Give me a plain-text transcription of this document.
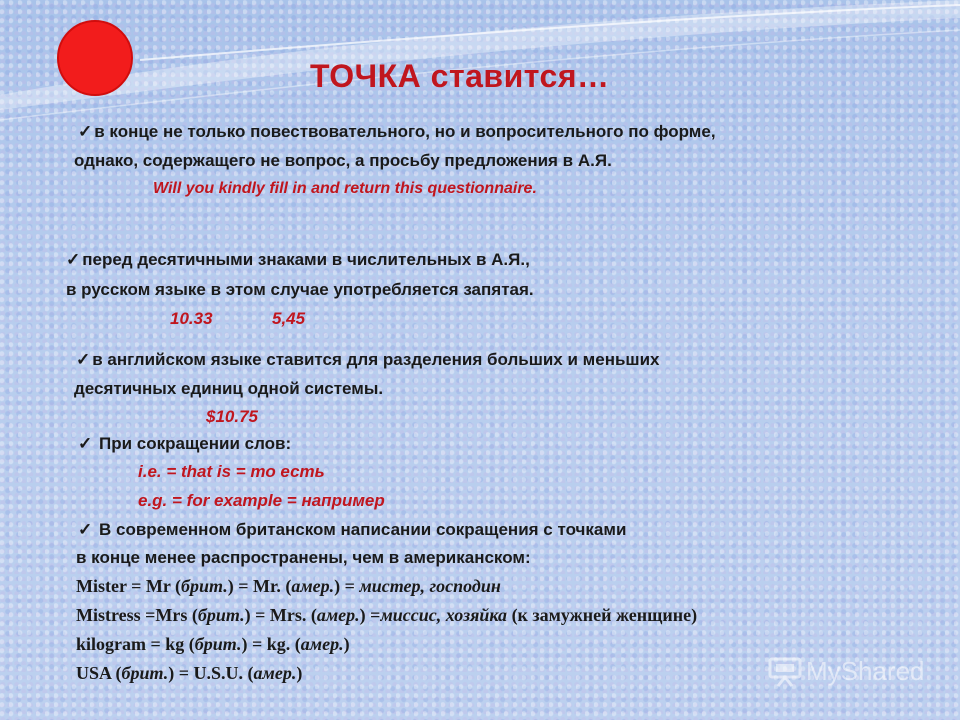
ТОЧКА ставится…
✓ в конце не только повествовательного, но и вопросительного по форме,
однако, содержащего не вопрос, а просьбу предложения в А.Я.
Will you kindly fill in and return this questionnaire.
✓ перед десятичными знаками в числительных в А.Я.,
в русском языке в этом случае употребляется запятая.
10.33	5,45
✓ в английском языке ставится для разделения больших и меньших
десятичных единиц одной системы.
$10.75
✓ При сокращении слов:
i.e. = that is = то есть
e.g. = for example = например
✓ В современном британском написании сокращения с точками
в конце менее распространены, чем в американском:
Mister = Mr (брит.) = Mr. (амер.) = мистер, господин
Mistress =Mrs (брит.) = Mrs. (амер.) =миссис, хозяйка (к замужней женщине)
kilogram = kg (брит.) = kg. (амер.)
USA (брит.) = U.S.U. (амер.)	MyShared
